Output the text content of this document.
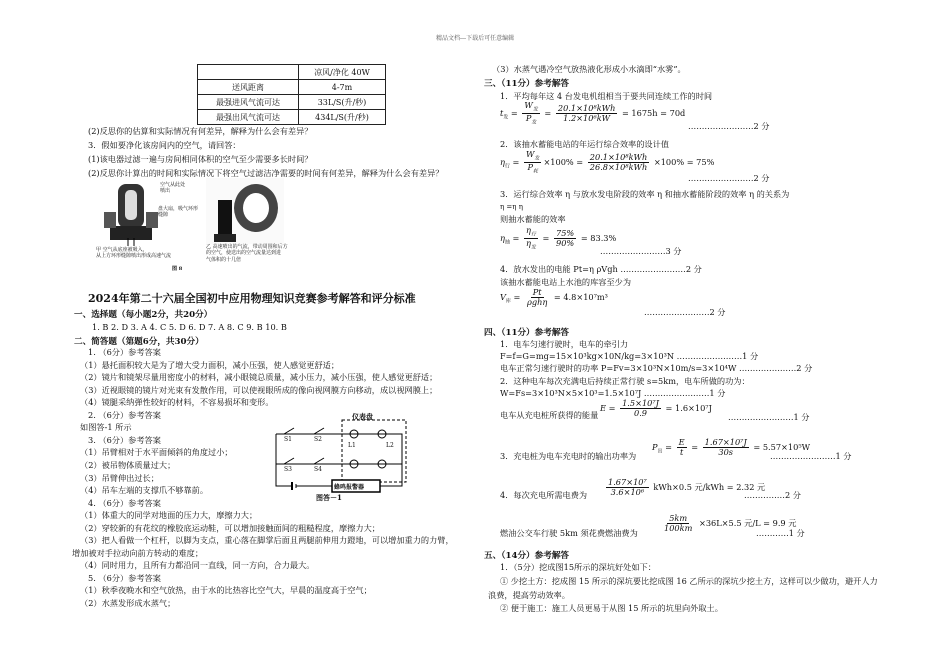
精品文档---下载后可任意编辑
	凉风/净化 40W
送风距离	4-7m
最强进风气流可达	33L/S(升/秒)
最强出风气流可达	434L/S(升/秒)
(2)反思你的估算和实际情况有何差异，解释为什么会有差异？
3．假如要净化该房间内的空气，请回答：
(1)该电器过滤一遍与房间相同体积的空气至少需要多长时间？
(2)反思你计算出的时间和实际情况下将空气过滤洁净需要的时间有何差异，解释为什么会有差异？
空气从此处
喷出
盘大扇，吸气环形
缝隙
甲 空气从底座被吸入，
从上方环形缝隙喷出形成高速气流
乙 高速喷出的气流，带动周围和后方
的空气，使送出的空气流量达到进
气体积的十几倍
图 8
2024年第二十六届全国初中应用物理知识竞赛参考解答和评分标准
一、选择题（每小题2分，共20分）
1. B 2. D 3. A 4. C 5. D 6. D 7. A 8. C 9. B 10. B
二、简答题（第题6分，共30分）
1. （6分）参考答案
（1）悬托面积较大是为了增大受力面积，减小压强，使人感觉更舒适；
（2）镜片和镜架尽量用密度小的材料，减小眼镜总质量，减小压力，减小压强，使人感觉更舒适；
（3）近视眼镜的镜片对光束有发散作用，可以使视眼所成的像向视网膜方向移动，成以视网膜上；
（4）镜腿采纳弹性较好的材料，不容易损坏和变形。
2. （6分）参考答案
如图答-1 所示
3. （6分）参考答案
（1）吊臂相对于水平面倾斜的角度过小；
（2）被吊物体质量过大；
（3）吊臂伸出过长；
（4）吊车左端的支撑爪不够靠前。
4. （6分）参考答案
（1）体重大的同学对地面的压力大，摩擦力大；
（2）穿较新的有花纹的橡胶底运动鞋，可以增加接触面间的粗糙程度，摩擦力大；
（3）把人看做一个杠杆，以脚为支点，重心落在脚掌后面且两腿前伸用力蹬地，可以增加重力的力臂，
增加被对手拉动向前方转动的难度；
（4）同时用力，且所有力都沿同一直线，同一方向，合力最大。
5. （6分）参考答案
（1）秋季夜晚水和空气放热，由于水的比热容比空气大，早晨的温度高于空气；
（2）水蒸发形成水蒸气；
仪表盘
蜂鸣报警器
S1	S2
S3	S4
L1	L2
图答－1
（3）水蒸气遇冷空气放热液化形成小水滴即“水雾”。
三、（11分）参考解答
1．平均每年这 4 台发电机组相当于要共同连续工作的时间
$t_发 = \frac{W_发}{P_发} = \frac{\text{20.1×10⁸kWh}}{\text{1.2×10⁶kW}} = 1675h = 70d$
……………………2 分
2．该抽水蓄能电站的年运行综合效率的设计值
$\eta_行 = \frac{W_发}{P_耗} \times 100\% = \frac{\text{20.1×10⁸kWh}}{\text{26.8×10⁸kWh}} \times 100\% = 75\%$
……………………2 分
3．运行综合效率 η 与放水发电阶段的效率 η 和抽水蓄能阶段的效率 η 的关系为
η =η η
则抽水蓄能的效率
$\eta_抽 = \frac{\eta_行}{\eta_发} = \frac{75\%}{90\%} = 83.3\%$
……………………3 分
4．放水发出的电能 Pt=η ρVgh ……………………2 分
该抽水蓄能电站上水池的库容至少为
$V_库 = \frac{Pt}{\text{ρghη}} = 4.8\times 10^7m^3$
……………………2 分
四、（11分）参考解答
1．电车匀速行驶时，电车的牵引力
F=f=G=mg=15×10³kg×10N/kg=3×10³N ……………………1 分
电车正常匀速行驶时的功率 P=Fv=3×10³N×10m/s=3×10⁴W …………………2 分
2．这种电车每次充满电后持续正常行驶 s=5km，电车所做的功为：
W=Fs=3×10³N×5×10³=1.5×10⁷J ……………………1 分
电车从充电桩所获得的能量
$E = \frac{\text{1.5×10⁷J}}{0.9} = 1.6\times 10^7J$
……………………1 分
3．充电桩为电车充电时的输出功率为
$P_出 = \frac{E}{t} = \frac{\text{1.67×10⁷J}}{30s} = 5.57\times 10^5W$
……………………1 分
4．每次充电所需电费为 $\frac{\text{1.67×10⁷}}{\text{3.6×10⁶}} kWh\times 0.5$ 元/kWh = 2.32 元
……………2 分
燃油公交车行驶 5km 须花费燃油费为	$\frac{5km}{100km} \times 36L\times 5.5$ 元/L = 9.9 元
…………1 分
五、（14分）参考解答
1．（5分）挖成图15所示的深坑好处如下：
① 少挖土方：挖成图 15 所示的深坑要比挖成图 16 乙所示的深坑少挖土方，这样可以少做功，避开人力
浪费，提高劳动效率。
② 便于施工：施工人员更易于从图 15 所示的坑里向外取土。
